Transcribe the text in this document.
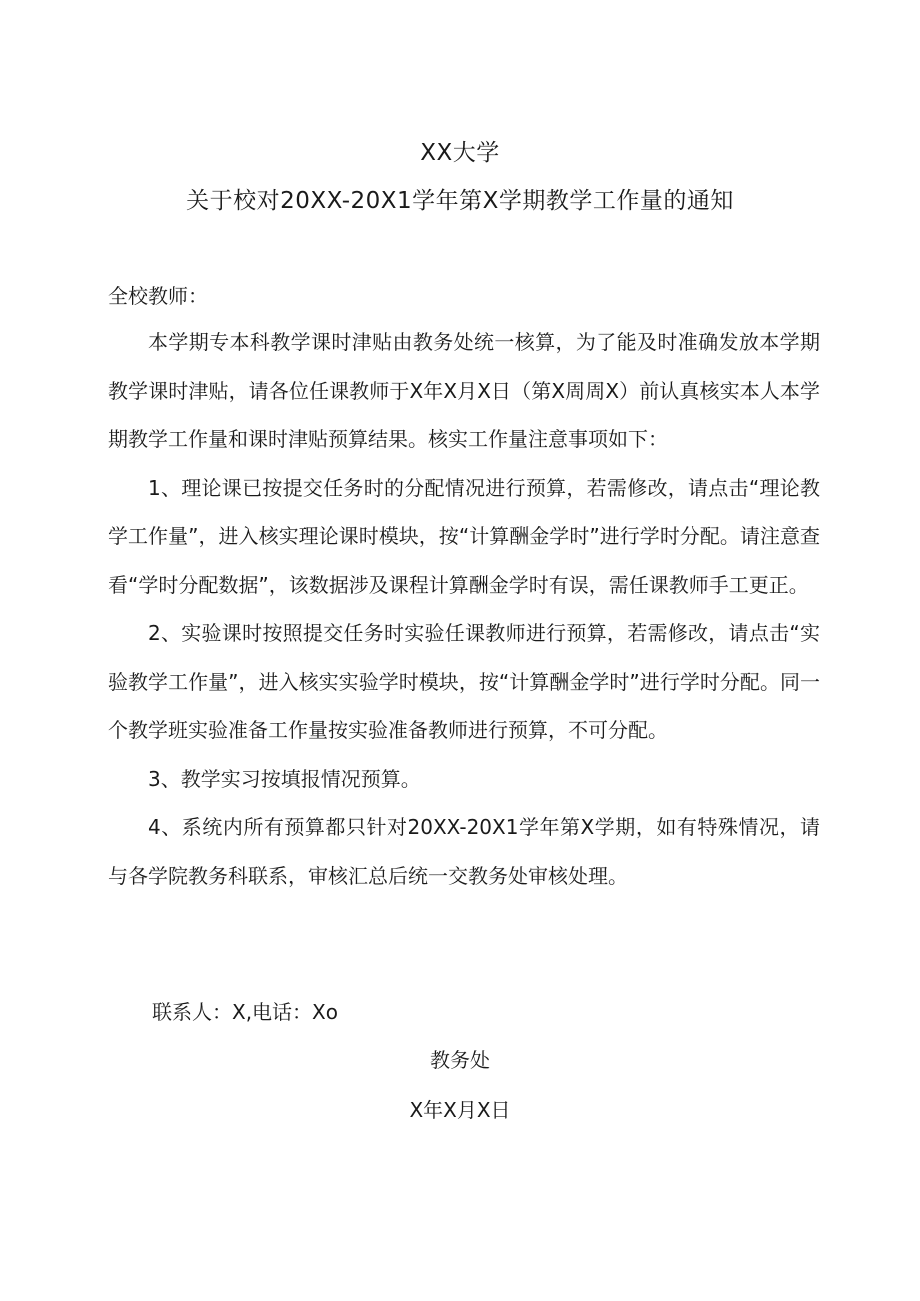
XX大学
关于校对20XX-20X1学年第X学期教学工作量的通知
全校教师：

本学期专本科教学课时津贴由教务处统一核算，为了能及时准确发放本学期教学课时津贴，请各位任课教师于X年X月X日（第X周周X）前认真核实本人本学期教学工作量和课时津贴预算结果。核实工作量注意事项如下：

1、理论课已按提交任务时的分配情况进行预算，若需修改，请点击“理论教学工作量”，进入核实理论课时模块，按“计算酬金学时”进行学时分配。请注意查看“学时分配数据”，该数据涉及课程计算酬金学时有误，需任课教师手工更正。

2、实验课时按照提交任务时实验任课教师进行预算，若需修改，请点击“实验教学工作量”，进入核实实验学时模块，按“计算酬金学时”进行学时分配。同一个教学班实验准备工作量按实验准备教师进行预算，不可分配。

3、教学实习按填报情况预算。

4、系统内所有预算都只针对20XX-20X1学年第X学期，如有特殊情况，请与各学院教务科联系，审核汇总后统一交教务处审核处理。

联系人：X,电话：Xo
教务处
X年X月X日
